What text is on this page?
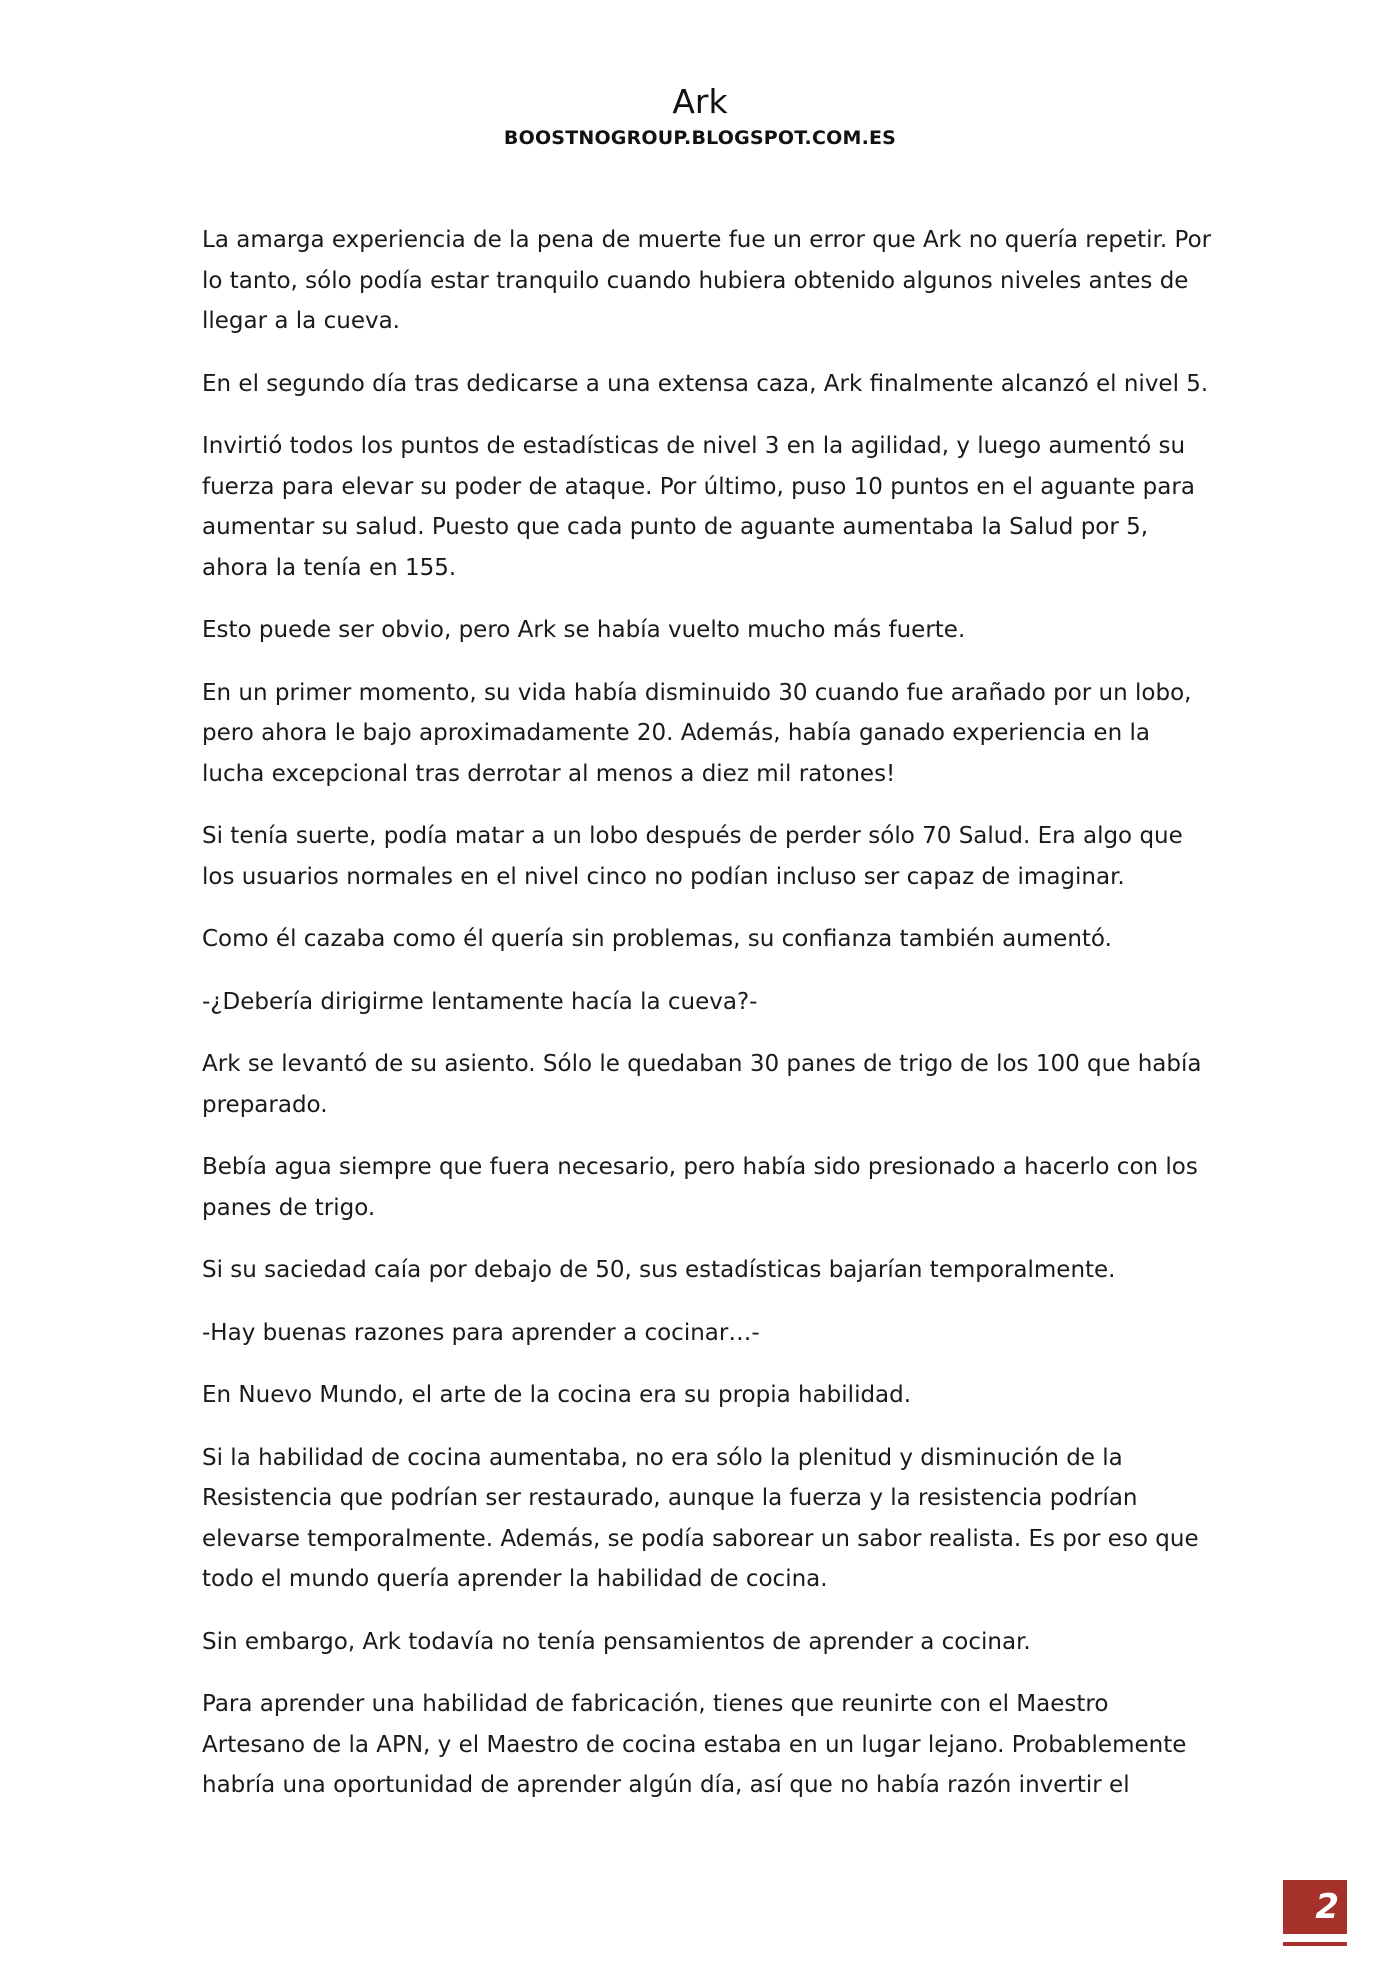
Ark
BOOSTNOGROUP.BLOGSPOT.COM.ES

La amarga experiencia de la pena de muerte fue un error que Ark no quería repetir. Por lo tanto, sólo podía estar tranquilo cuando hubiera obtenido algunos niveles antes de llegar a la cueva.

En el segundo día tras dedicarse a una extensa caza, Ark finalmente alcanzó el nivel 5.

Invirtió todos los puntos de estadísticas de nivel 3 en la agilidad, y luego aumentó su fuerza para elevar su poder de ataque. Por último, puso 10 puntos en el aguante para aumentar su salud. Puesto que cada punto de aguante aumentaba la Salud por 5, ahora la tenía en 155.

Esto puede ser obvio, pero Ark se había vuelto mucho más fuerte.

En un primer momento, su vida había disminuido 30 cuando fue arañado por un lobo, pero ahora le bajo aproximadamente 20. Además, había ganado experiencia en la lucha excepcional tras derrotar al menos a diez mil ratones!

Si tenía suerte, podía matar a un lobo después de perder sólo 70 Salud. Era algo que los usuarios normales en el nivel cinco no podían incluso ser capaz de imaginar.

Como él cazaba como él quería sin problemas, su confianza también aumentó.

-¿Debería dirigirme lentamente hacía la cueva?-

Ark se levantó de su asiento. Sólo le quedaban 30 panes de trigo de los 100 que había preparado.

Bebía agua siempre que fuera necesario, pero había sido presionado a hacerlo con los panes de trigo.

Si su saciedad caía por debajo de 50, sus estadísticas bajarían temporalmente.

-Hay buenas razones para aprender a cocinar…-

En Nuevo Mundo, el arte de la cocina era su propia habilidad.

Si la habilidad de cocina aumentaba, no era sólo la plenitud y disminución de la Resistencia que podrían ser restaurado, aunque la fuerza y la resistencia podrían elevarse temporalmente. Además, se podía saborear un sabor realista. Es por eso que todo el mundo quería aprender la habilidad de cocina.

Sin embargo, Ark todavía no tenía pensamientos de aprender a cocinar.

Para aprender una habilidad de fabricación, tienes que reunirte con el Maestro Artesano de la APN, y el Maestro de cocina estaba en un lugar lejano. Probablemente habría una oportunidad de aprender algún día, así que no había razón invertir el

2
